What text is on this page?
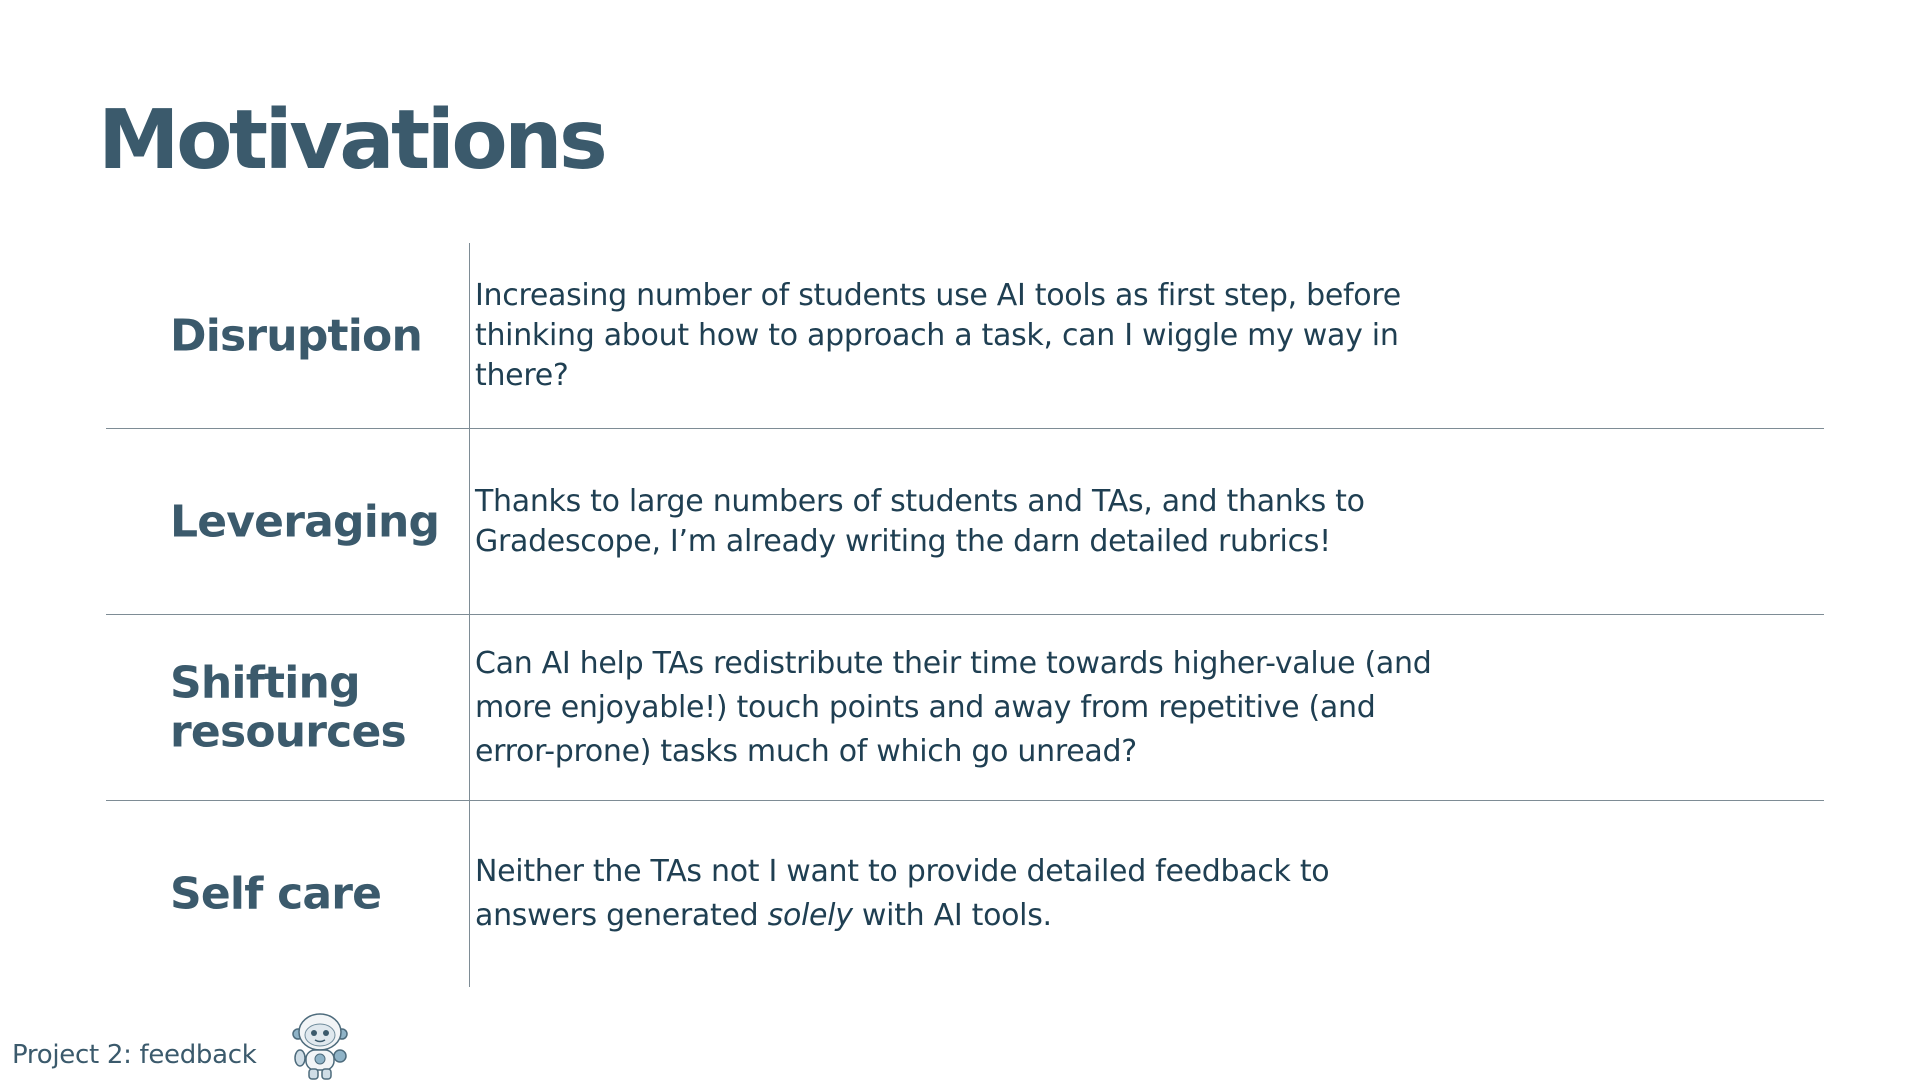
Motivations
Disruption
Increasing number of students use AI tools as first step, before thinking about how to approach a task, can I wiggle my way in there?
Leveraging	Thanks to large numbers of students and TAs, and thanks to Gradescope, I’m already writing the darn detailed rubrics!
Shifting resources
Can AI help TAs redistribute their time towards higher-value (and more enjoyable!) touch points and away from repetitive (and error-prone) tasks much of which go unread?
Self care	Neither the TAs not I want to provide detailed feedback to answers generated solely with AI tools.
Project 2: feedback
